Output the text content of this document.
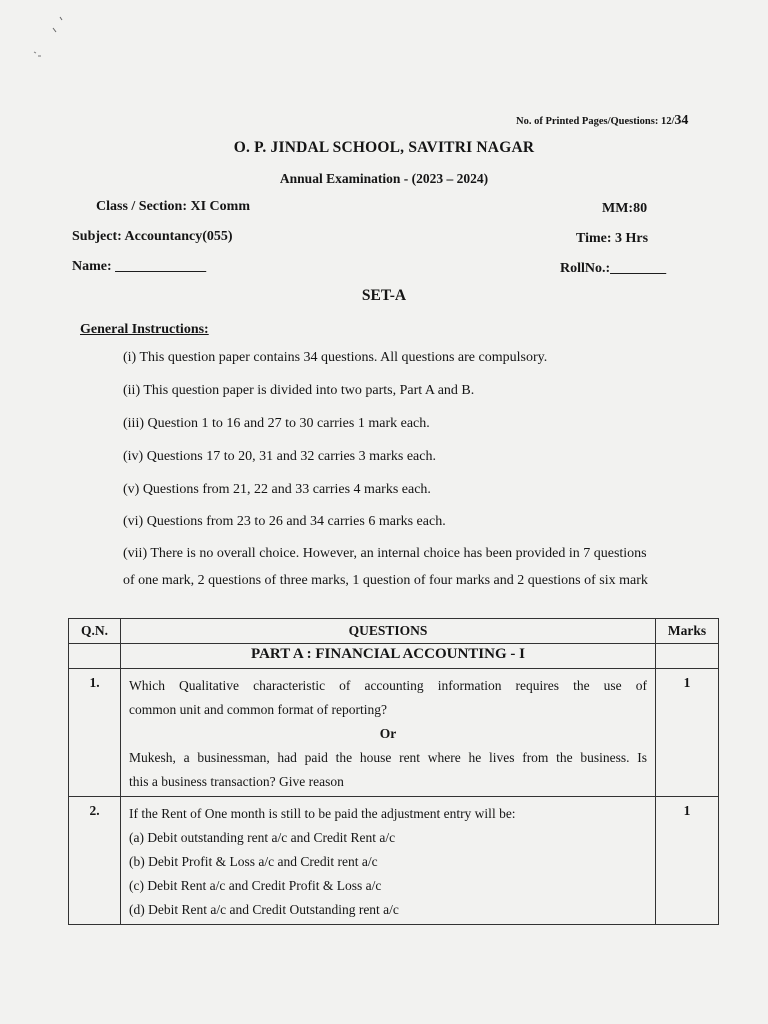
No. of Printed Pages/Questions: 12/34
O. P. JINDAL SCHOOL, SAVITRI NAGAR
Annual Examination - (2023 – 2024)
Class / Section: XI Comm	MM:80
Subject: Accountancy(055)	Time: 3 Hrs
Name: _____________	RollNo.:________
SET-A
General Instructions:
(i) This question paper contains 34 questions. All questions are compulsory.
(ii) This question paper is divided into two parts, Part A and B.
(iii) Question 1 to 16 and 27 to 30 carries 1 mark each.
(iv) Questions 17 to 20, 31 and 32 carries 3 marks each.
(v) Questions from 21, 22 and 33 carries 4 marks each.
(vi) Questions from 23 to 26 and 34 carries 6 marks each.
(vii) There is no overall choice. However, an internal choice has been provided in 7 questions
of one mark, 2 questions of three marks, 1 question of four marks and 2 questions of six mark
Q.N.	QUESTIONS	Marks
	PART A : FINANCIAL ACCOUNTING - I	
1.	Which Qualitative characteristic of accounting information requires the use of
common unit and common format of reporting?
Or
Mukesh, a businessman, had paid the house rent where he lives from the business. Is
this a business transaction? Give reason	1
2.	If the Rent of One month is still to be paid the adjustment entry will be:
(a) Debit outstanding rent a/c and Credit Rent a/c
(b) Debit Profit & Loss a/c and Credit rent a/c
(c) Debit Rent a/c and Credit Profit & Loss a/c
(d) Debit Rent a/c and Credit Outstanding rent a/c	1
